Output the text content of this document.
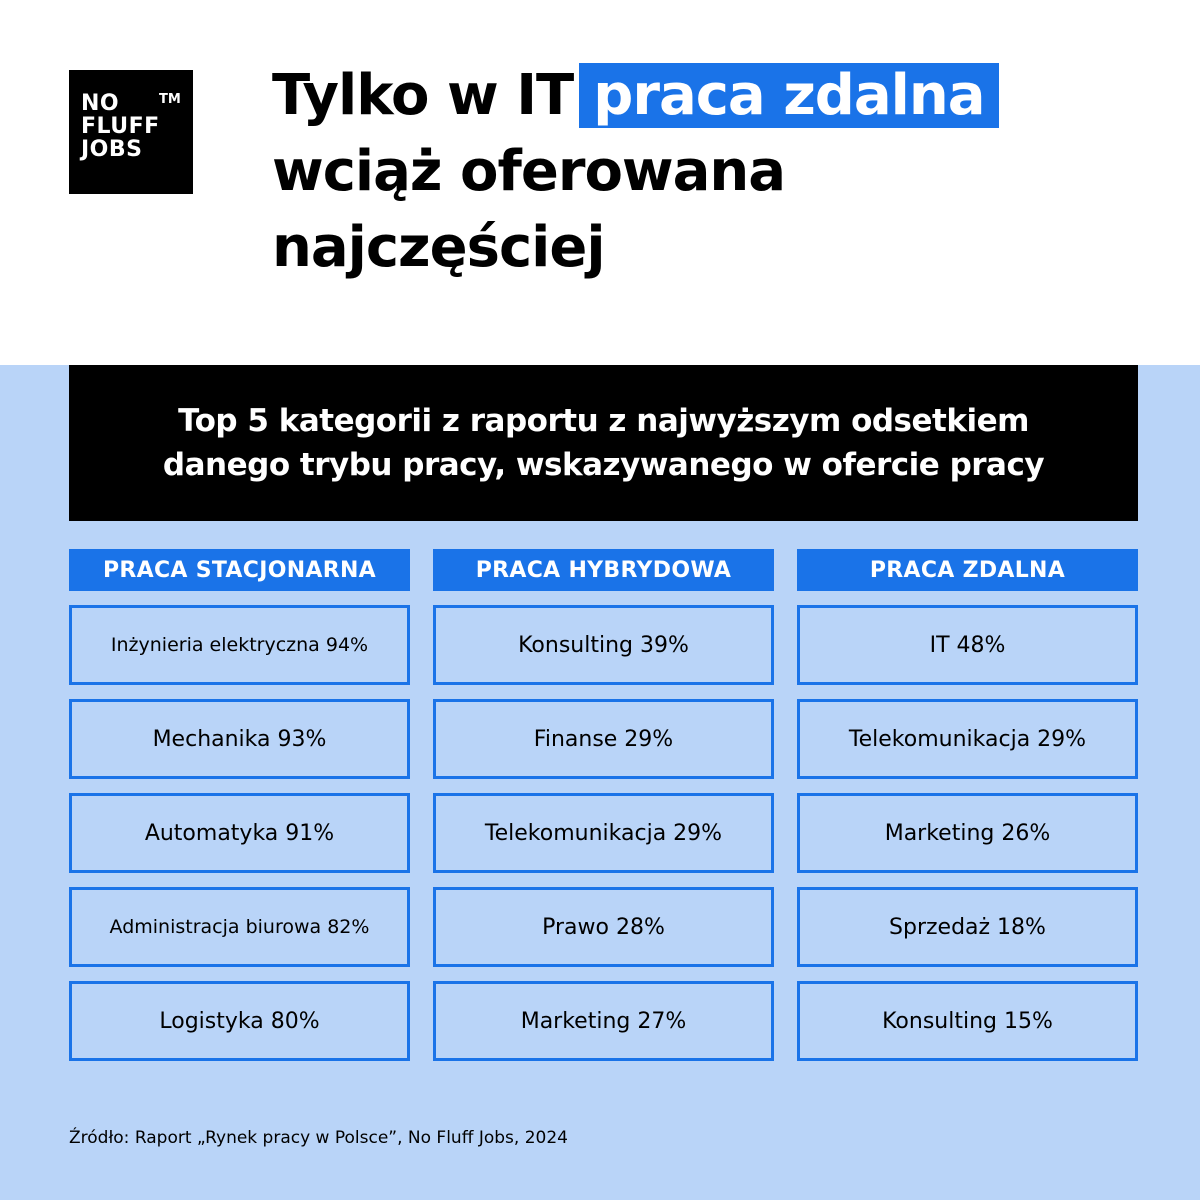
NO
FLUFF
JOBS
TM Tylko w IT praca zdalna
wciąż oferowana
najczęściej
Top 5 kategorii z raportu z najwyższym odsetkiem
danego trybu pracy, wskazywanego w ofercie pracy
PRACA STACJONARNA
Inżynieria elektryczna 94%
Mechanika 93%
Automatyka 91%
Administracja biurowa 82%
Logistyka 80%
PRACA HYBRYDOWA
Konsulting 39%
Finanse 29%
Telekomunikacja 29%
Prawo 28%
Marketing 27%
PRACA ZDALNA
IT 48%
Telekomunikacja 29%
Marketing 26%
Sprzedaż 18%
Konsulting 15%
Źródło: Raport „Rynek pracy w Polsce”, No Fluff Jobs, 2024
